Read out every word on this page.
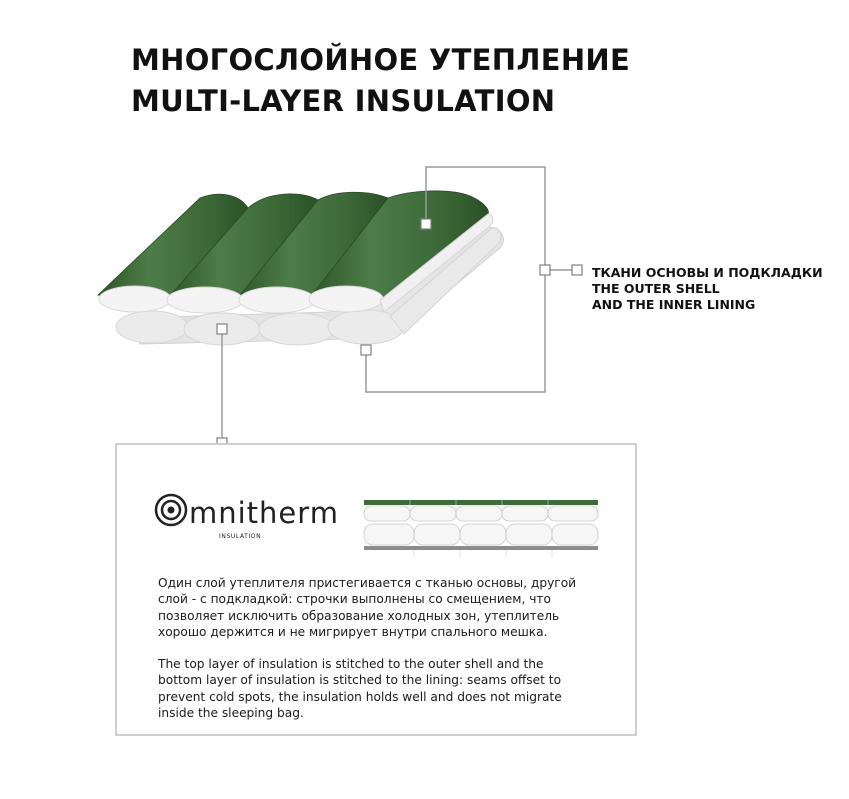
МНОГОСЛОЙНОЕ УТЕПЛЕНИЕ
MULTI-LAYER INSULATION
ТКАНИ ОСНОВЫ И ПОДКЛАДКИ
THE OUTER SHELL
AND THE INNER LINING
mnitherm
INSULATION

Один слой утеплителя пристегивается с тканью основы, другой
слой - с подкладкой: строчки выполнены со смещением, что
позволяет исключить образование холодных зон, утеплитель
хорошо держится и не мигрирует внутри спального мешка.

The top layer of insulation is stitched to the outer shell and the
bottom layer of insulation is stitched to the lining: seams offset to
prevent cold spots, the insulation holds well and does not migrate
inside the sleeping bag.
